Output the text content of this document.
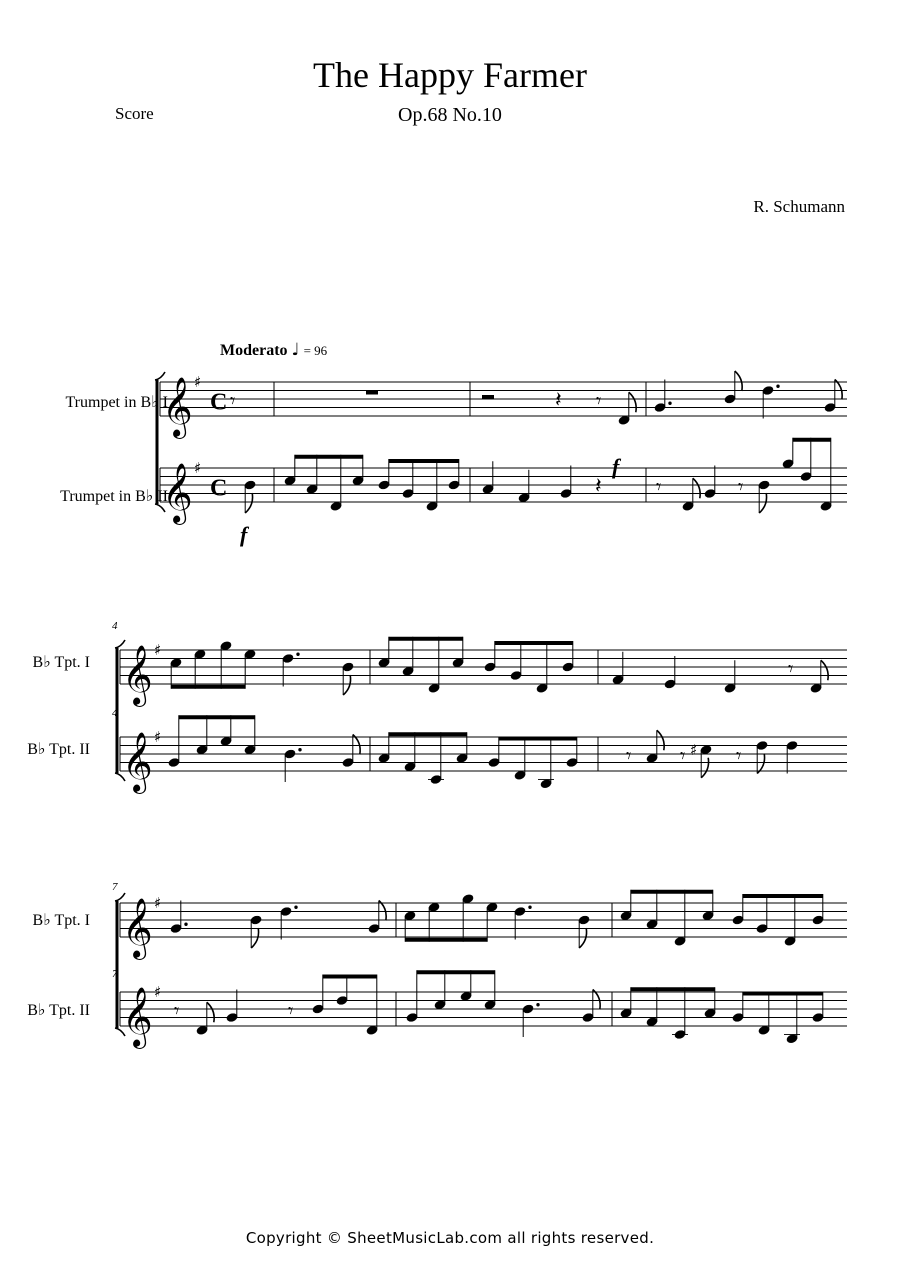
The Happy Farmer
Op.68 No.10
Score
R. Schumann
Moderato ♩ = 96
Trumpet in B♭ I
Trumpet in B♭ II
B♭ Tpt. I
B♭ Tpt. II
B♭ Tpt. I
B♭ Tpt. II
4
4
7
7
𝄞 ♯
𝄞 ♯
C
C
𝄞 ♯
𝄞 ♯
𝄞 ♯
𝄞 ♯
𝄾	𝄽 𝄾
f
f
𝄽	𝄾	𝄾
𝄾
𝄾 𝄾 ♯ 𝄾
𝄾	𝄾
Copyright © SheetMusicLab.com all rights reserved.
